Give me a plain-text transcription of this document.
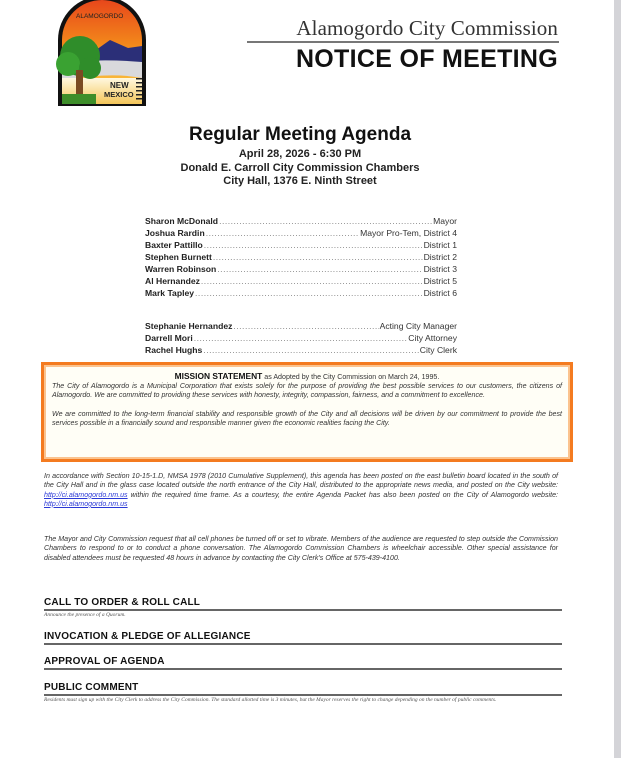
NEW
MEXICO
ALAMOGORDO	Alamogordo City Commission
NOTICE OF MEETING
Regular Meeting Agenda
April 28, 2026 - 6:30 PM
Donald E. Carroll City Commission Chambers
City Hall, 1376 E. Ninth Street
Sharon McDonald .....	Mayor
Joshua Rardin .....	Mayor Pro-Tem, District 4
Baxter Pattillo .....	District 1
Stephen Burnett .....	District 2
Warren Robinson .....	District 3
Al Hernandez .....	District 5
Mark Tapley .....	District 6
Stephanie Hernandez .....	Acting City Manager
Darrell Mori .....	City Attorney
Rachel Hughs .....	City Clerk
MISSION STATEMENT as Adopted by the City Commission on March 24, 1995.

The City of Alamogordo is a Municipal Corporation that exists solely for the purpose of providing the best possible services to our customers, the citizens of Alamogordo. We are committed to providing these services with honesty, integrity, compassion, fairness, and a commitment to excellence.

We are committed to the long-term financial stability and responsible growth of the City and all decisions will be driven by our commitment to provide the best services possible in a financially sound and responsible manner given the economic realities facing the City.

In accordance with Section 10-15-1.D, NMSA 1978 (2010 Cumulative Supplement), this agenda has been posted on the east bulletin board located in the south of the City Hall and in the glass case located outside the north entrance of the City Hall, distributed to the appropriate news media, and posted on the City website: http://ci.alamogordo.nm.us within the required time frame. As a courtesy, the entire Agenda Packet has also been posted on the City of Alamogordo website: http://ci.alamogordo.nm.us
The Mayor and City Commission request that all cell phones be turned off or set to vibrate. Members of the audience are requested to step outside the Commission Chambers to respond to or to conduct a phone conversation. The Alamogordo Commission Chambers is wheelchair accessible. Other special assistance for disabled attendees must be requested 48 hours in advance by contacting the City Clerk's Office at 575-439-4100.
CALL TO ORDER & ROLL CALL
Announce the presence of a Quorum.
INVOCATION & PLEDGE OF ALLEGIANCE
APPROVAL OF AGENDA
PUBLIC COMMENT
Residents must sign up with the City Clerk to address the City Commission. The standard allotted time is 3 minutes, but the Mayor reserves the right to change depending on the number of public comments.
